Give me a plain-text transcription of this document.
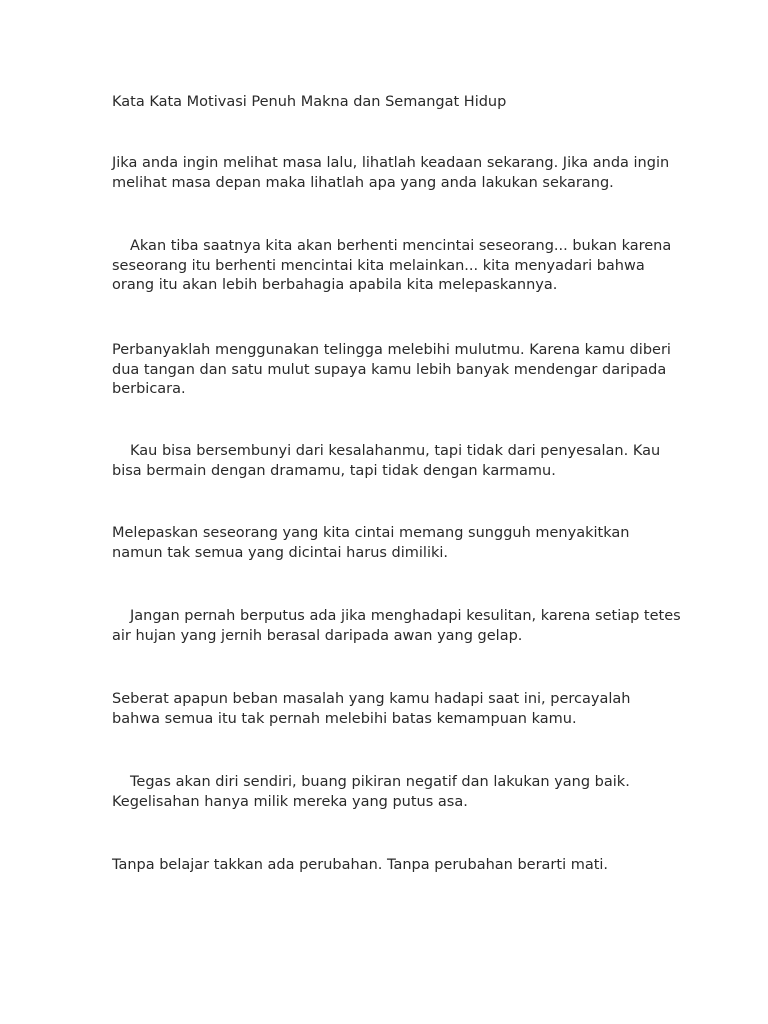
Kata Kata Motivasi Penuh Makna dan Semangat Hidup
Jika anda ingin melihat masa lalu, lihatlah keadaan sekarang. Jika anda ingin
melihat masa depan maka lihatlah apa yang anda lakukan sekarang.
Akan tiba saatnya kita akan berhenti mencintai seseorang... bukan karena
seseorang itu berhenti mencintai kita melainkan... kita menyadari bahwa
orang itu akan lebih berbahagia apabila kita melepaskannya.
Perbanyaklah menggunakan telingga melebihi mulutmu. Karena kamu diberi
dua tangan dan satu mulut supaya kamu lebih banyak mendengar daripada
berbicara.
Kau bisa bersembunyi dari kesalahanmu, tapi tidak dari penyesalan. Kau
bisa bermain dengan dramamu, tapi tidak dengan karmamu.
Melepaskan seseorang yang kita cintai memang sungguh menyakitkan
namun tak semua yang dicintai harus dimiliki.
Jangan pernah berputus ada jika menghadapi kesulitan, karena setiap tetes
air hujan yang jernih berasal daripada awan yang gelap.
Seberat apapun beban masalah yang kamu hadapi saat ini, percayalah
bahwa semua itu tak pernah melebihi batas kemampuan kamu.
Tegas akan diri sendiri, buang pikiran negatif dan lakukan yang baik.
Kegelisahan hanya milik mereka yang putus asa.
Tanpa belajar takkan ada perubahan. Tanpa perubahan berarti mati.
